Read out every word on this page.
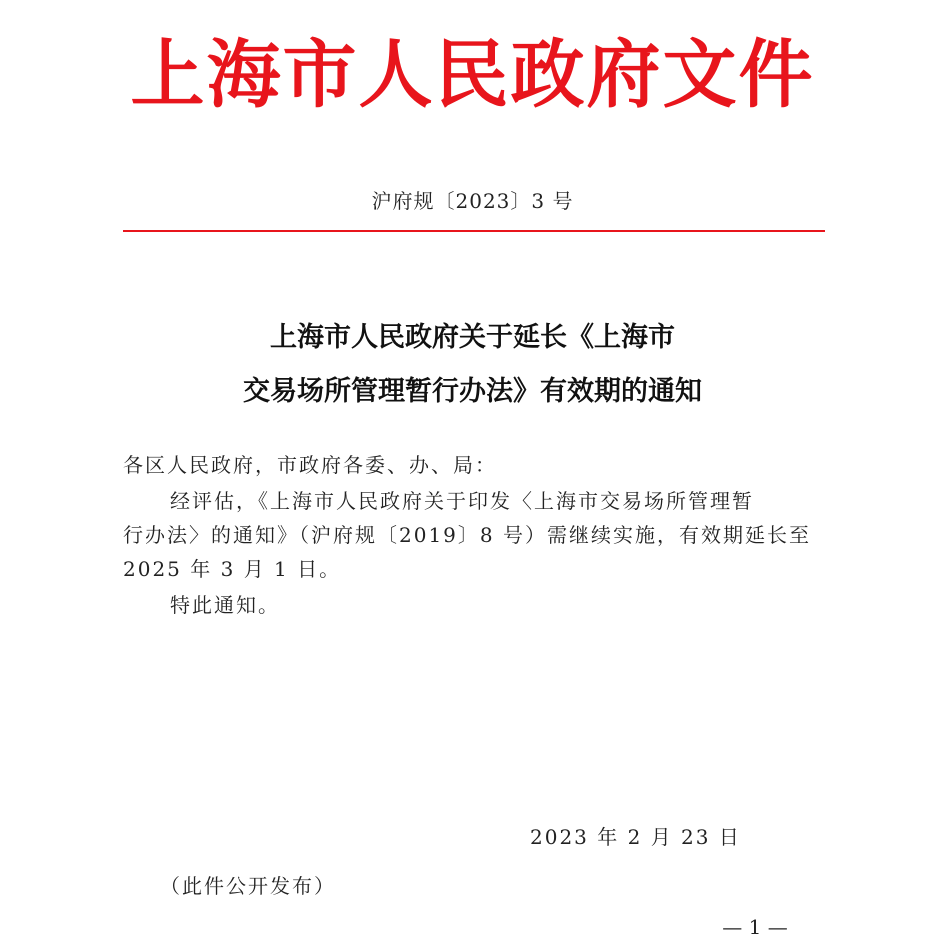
上海市人民政府文件
沪府规〔2023〕3 号
上海市人民政府关于延长《上海市
交易场所管理暂行办法》有效期的通知
各区人民政府，市政府各委、办、局：
经评估，《上海市人民政府关于印发〈上海市交易场所管理暂
行办法〉的通知》（沪府规〔2019〕8 号）需继续实施，有效期延长至
2025 年 3 月 1 日。
特此通知。
2023 年 2 月 23 日
（此件公开发布）
— 1 —
